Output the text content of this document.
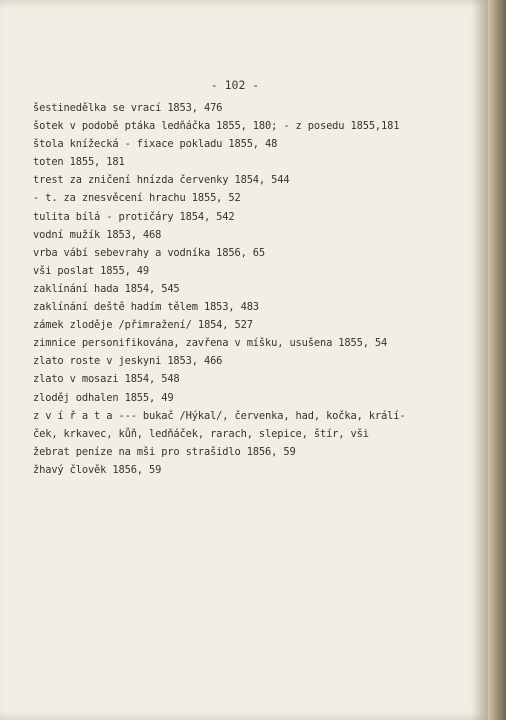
- 102 -
šestinedělka se vrací 1853, 476
šotek v podobě ptáka ledňáčka 1855, 180; - z posedu 1855,181
štola knížecká - fixace pokladu 1855, 48
toten 1855, 181
trest za zničení hnízda červenky 1854, 544
- t. za znesvěcení hrachu 1855, 52
tulita bílá - protičáry 1854, 542
vodní mužík 1853, 468
vrba vábí sebevrahy a vodníka 1856, 65
vši poslat 1855, 49
zaklínání hada 1854, 545
zaklínání deště hadím tělem 1853, 483
zámek zloděje /přimražení/ 1854, 527
zimnice personifikována, zavřena v míšku, usušena 1855, 54
zlato roste v jeskyni 1853, 466
zlato v mosazi 1854, 548
zloděj odhalen 1855, 49
z v í ř a t a --- bukač /Hýkal/, červenka, had, kočka, králí-
ček, krkavec, kůň, ledňáček, rarach, slepice, štír, vši
žebrat peníze na mši pro strašidlo 1856, 59
žhavý člověk 1856, 59
